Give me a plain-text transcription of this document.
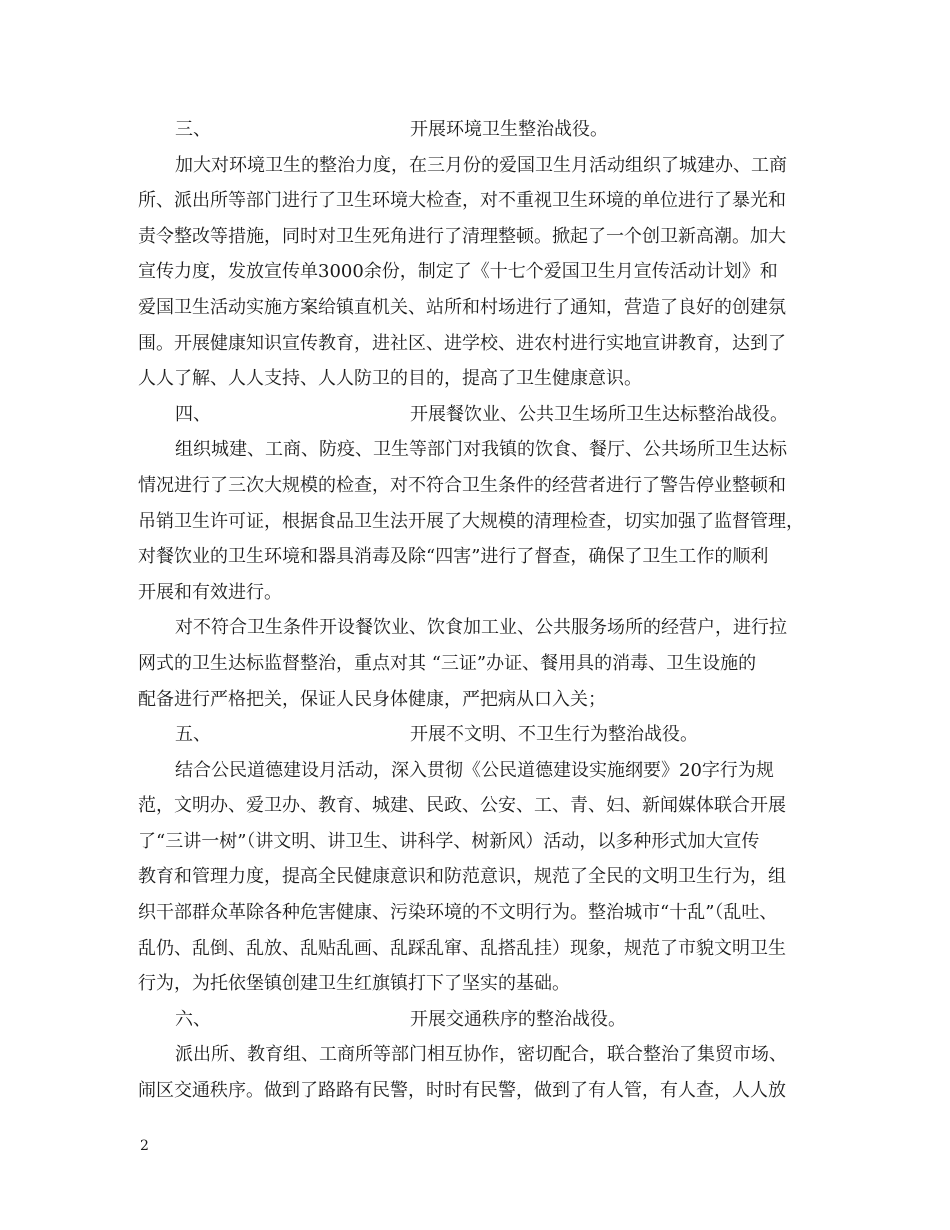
三、	开展环境卫生整治战役。
加大对环境卫生的整治力度，在三月份的爱国卫生月活动组织了城建办、工商
所、派出所等部门进行了卫生环境大检查，对不重视卫生环境的单位进行了暴光和
责令整改等措施，同时对卫生死角进行了清理整顿。掀起了一个创卫新高潮。加大
宣传力度，发放宣传单3000余份，制定了《十七个爱国卫生月宣传活动计划》和
爱国卫生活动实施方案给镇直机关、站所和村场进行了通知，营造了良好的创建氛
围。开展健康知识宣传教育，进社区、进学校、进农村进行实地宣讲教育，达到了
人人了解、人人支持、人人防卫的目的，提高了卫生健康意识。
四、	开展餐饮业、公共卫生场所卫生达标整治战役。
组织城建、工商、防疫、卫生等部门对我镇的饮食、餐厅、公共场所卫生达标
情况进行了三次大规模的检查，对不符合卫生条件的经营者进行了警告停业整顿和
吊销卫生许可证，根据食品卫生法开展了大规模的清理检查，切实加强了监督管理，
对餐饮业的卫生环境和器具消毒及除“四害”进行了督查，确保了卫生工作的顺利
开展和有效进行。
对不符合卫生条件开设餐饮业、饮食加工业、公共服务场所的经营户，进行拉
网式的卫生达标监督整治，重点对其 “三证”办证、餐用具的消毒、卫生设施的
配备进行严格把关，保证人民身体健康，严把病从口入关；
五、	开展不文明、不卫生行为整治战役。
结合公民道德建设月活动，深入贯彻《公民道德建设实施纲要》20字行为规
范，文明办、爱卫办、教育、城建、民政、公安、工、青、妇、新闻媒体联合开展
了“三讲一树”（讲文明、讲卫生、讲科学、树新风）活动，以多种形式加大宣传
教育和管理力度，提高全民健康意识和防范意识，规范了全民的文明卫生行为，组
织干部群众革除各种危害健康、污染环境的不文明行为。整治城市“十乱”（乱吐、
乱仍、乱倒、乱放、乱贴乱画、乱踩乱窜、乱搭乱挂）现象，规范了市貌文明卫生
行为，为托依堡镇创建卫生红旗镇打下了坚实的基础。
六、	开展交通秩序的整治战役。
派出所、教育组、工商所等部门相互协作，密切配合，联合整治了集贸市场、
闹区交通秩序。做到了路路有民警，时时有民警，做到了有人管，有人查，人人放
2
